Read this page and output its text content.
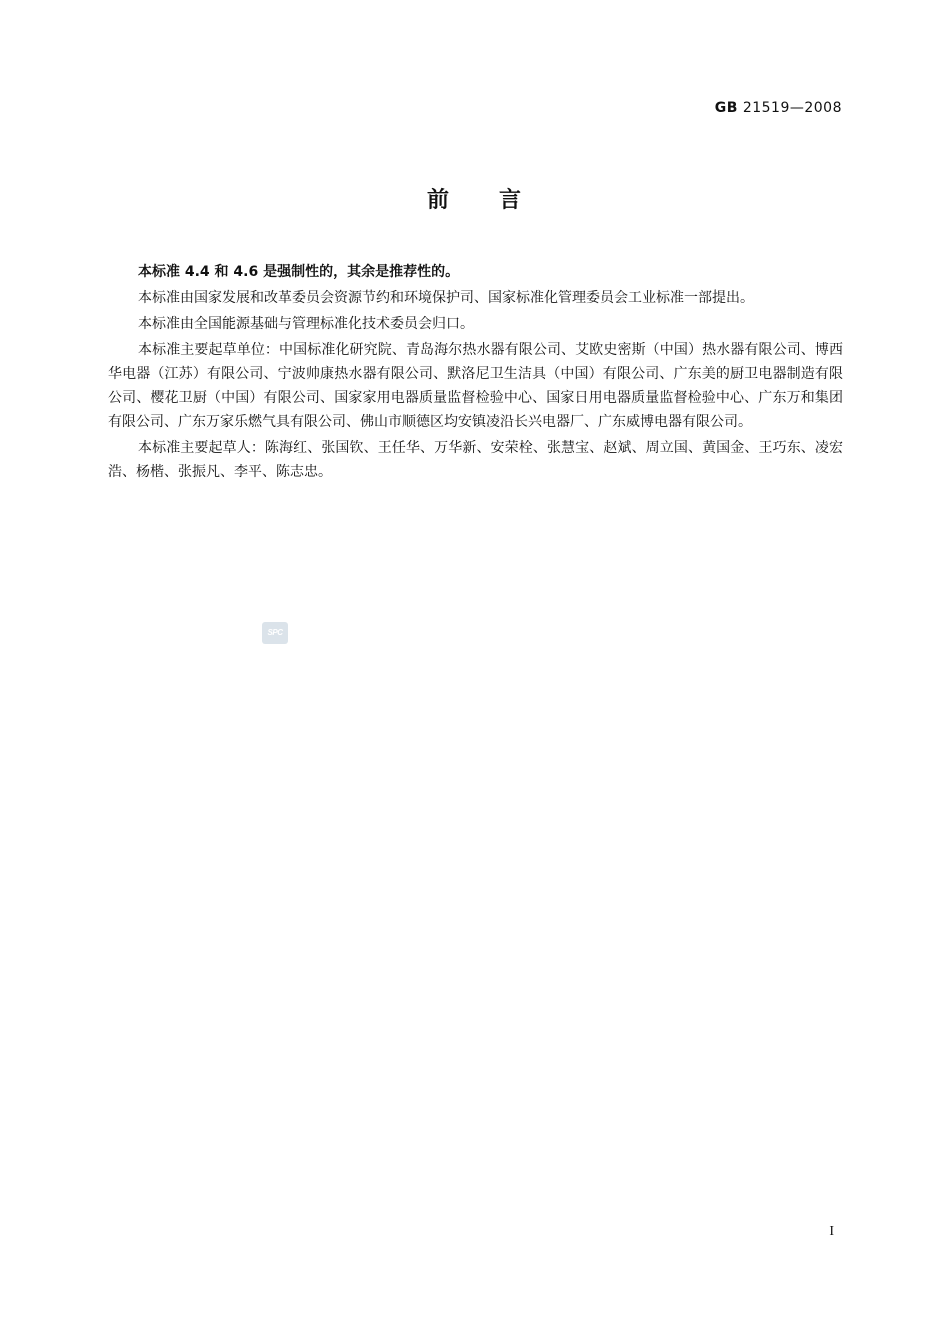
GB 21519—2008
前 言

本标准 4.4 和 4.6 是强制性的，其余是推荐性的。

本标准由国家发展和改革委员会资源节约和环境保护司、国家标准化管理委员会工业标准一部提出。

本标准由全国能源基础与管理标准化技术委员会归口。

本标准主要起草单位：中国标准化研究院、青岛海尔热水器有限公司、艾欧史密斯（中国）热水器有限公司、博西华电器（江苏）有限公司、宁波帅康热水器有限公司、默洛尼卫生洁具（中国）有限公司、广东美的厨卫电器制造有限公司、樱花卫厨（中国）有限公司、国家家用电器质量监督检验中心、国家日用电器质量监督检验中心、广东万和集团有限公司、广东万家乐燃气具有限公司、佛山市顺德区均安镇凌沿长兴电器厂、广东威博电器有限公司。

本标准主要起草人：陈海红、张国钦、王任华、万华新、安荣栓、张慧宝、赵斌、周立国、黄国金、王巧东、凌宏浩、杨楷、张振凡、李平、陈志忠。

SPC
I
